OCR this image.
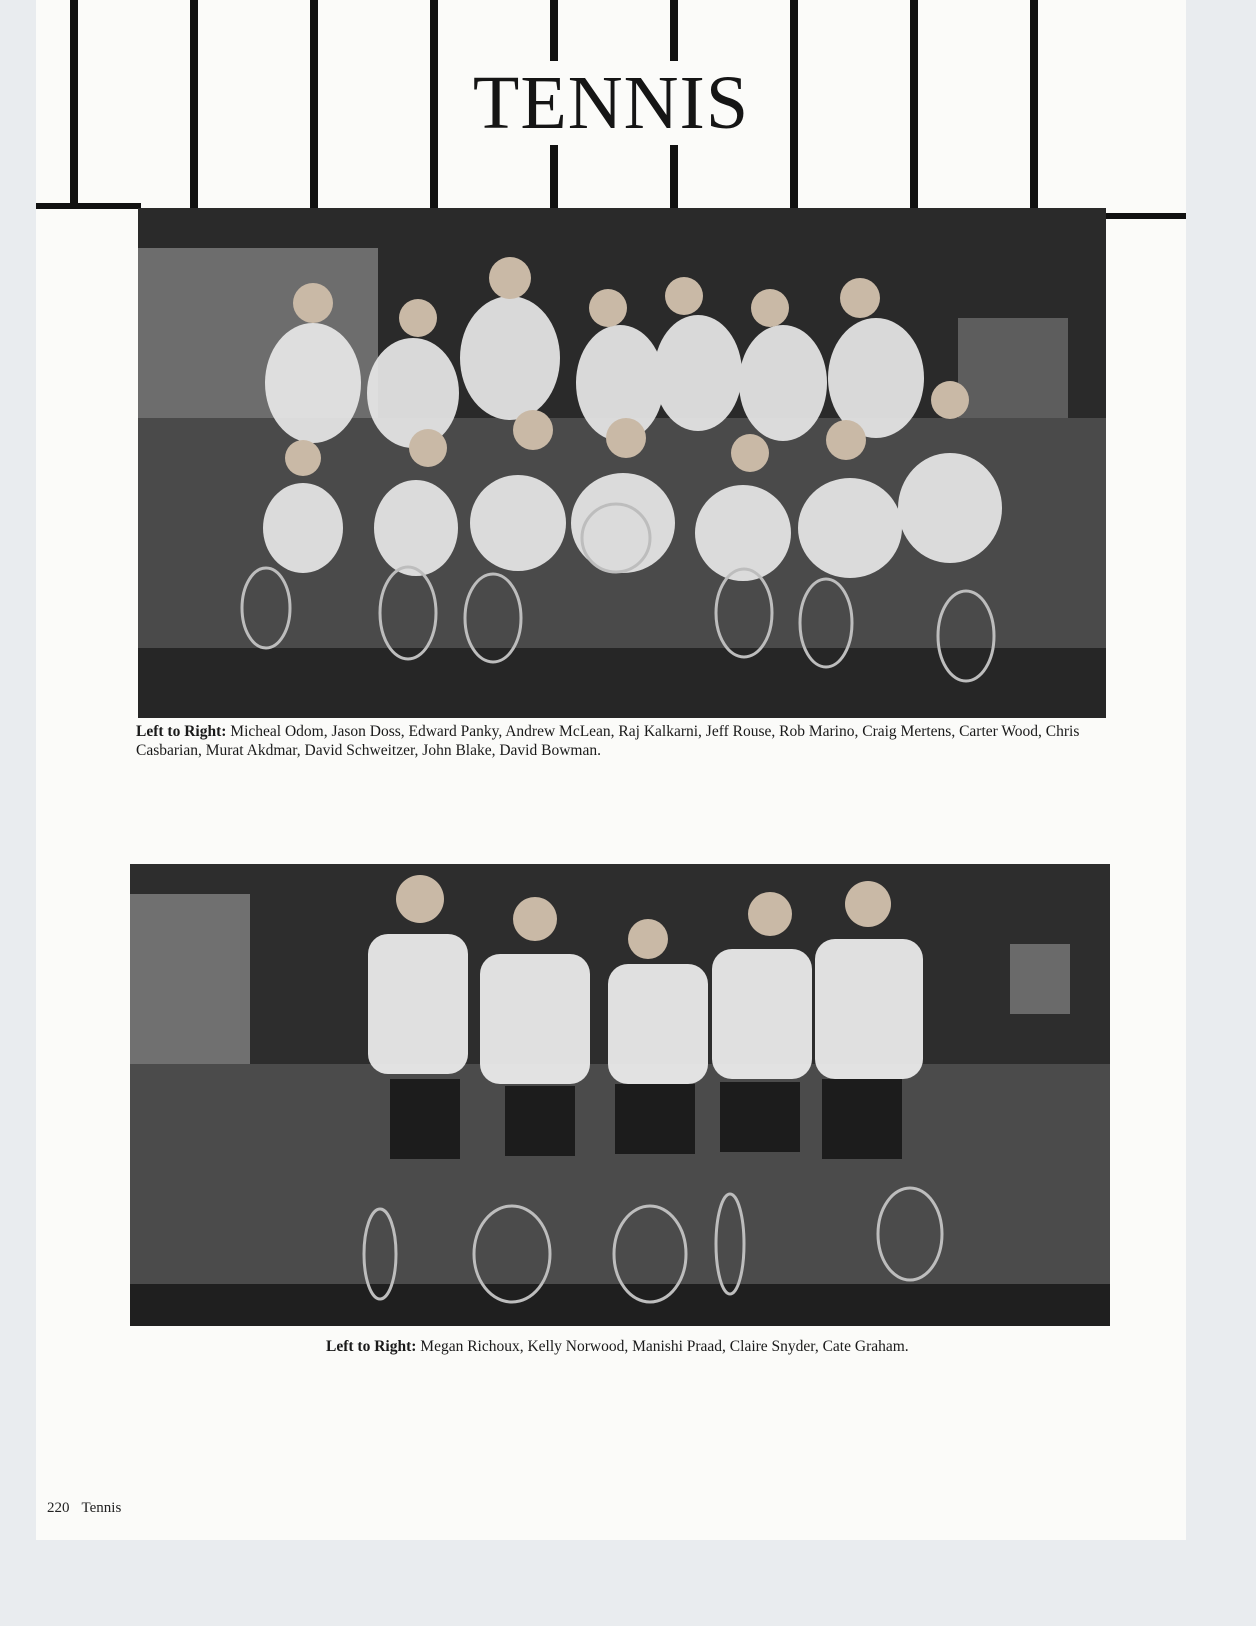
TENNIS
Left to Right: Micheal Odom, Jason Doss, Edward Panky, Andrew McLean, Raj Kalkarni, Jeff Rouse, Rob Marino, Craig Mertens, Carter Wood, Chris Casbarian, Murat Akdmar, David Schweitzer, John Blake, David Bowman.
Left to Right: Megan Richoux, Kelly Norwood, Manishi Praad, Claire Snyder, Cate Graham.
220 Tennis
